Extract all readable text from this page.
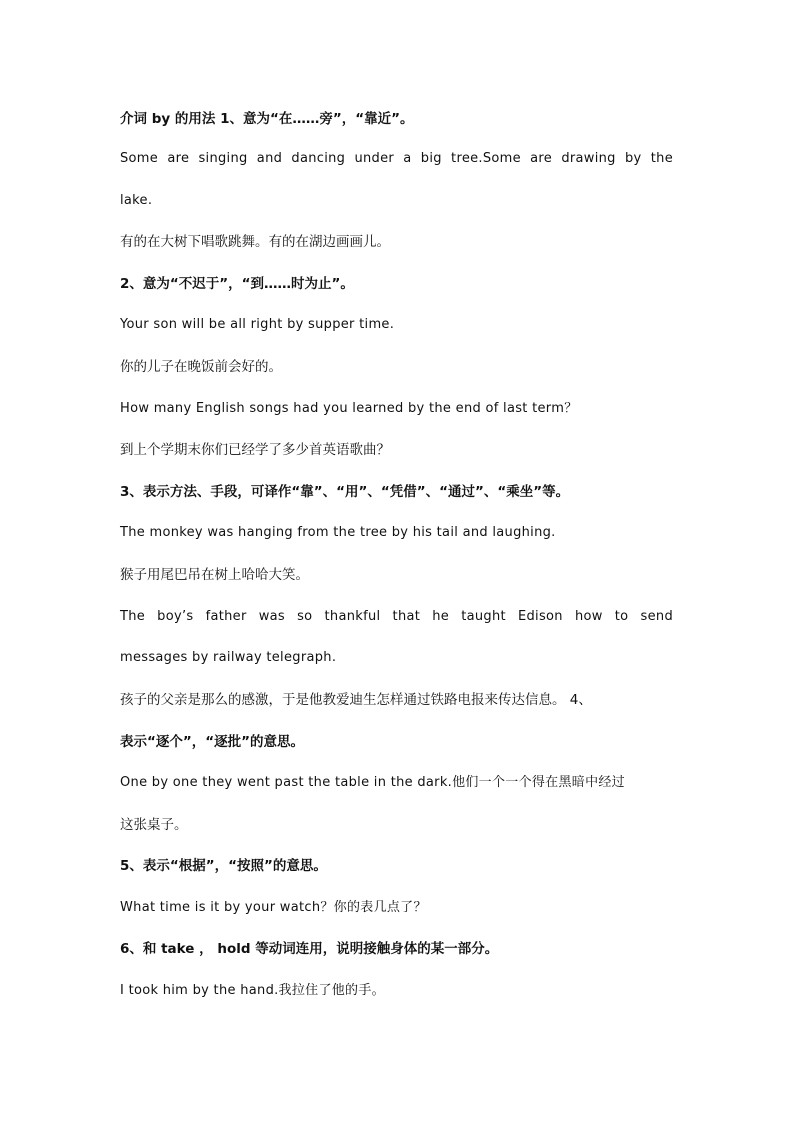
介词 by 的用法 1、意为“在……旁”，“靠近”。

Some are singing and dancing under a big tree.Some are drawing by the

lake.

有的在大树下唱歌跳舞。有的在湖边画画儿。

2、意为“不迟于”，“到……时为止”。

Your son will be all right by supper time.

你的儿子在晚饭前会好的。

How many English songs had you learned by the end of last term？

到上个学期末你们已经学了多少首英语歌曲？

3、表示方法、手段，可译作“靠”、“用”、“凭借”、“通过”、“乘坐”等。

The monkey was hanging from the tree by his tail and laughing.

猴子用尾巴吊在树上哈哈大笑。

The boy’s father was so thankful that he taught Edison how to send

messages by railway telegraph.

孩子的父亲是那么的感激，于是他教爱迪生怎样通过铁路电报来传达信息。 4、

表示“逐个”，“逐批”的意思。

One by one they went past the table in the dark.他们一个一个得在黑暗中经过

这张桌子。

5、表示“根据”，“按照”的意思。

What time is it by your watch？你的表几点了？

6、和 take ， hold 等动词连用，说明接触身体的某一部分。

I took him by the hand.我拉住了他的手。
